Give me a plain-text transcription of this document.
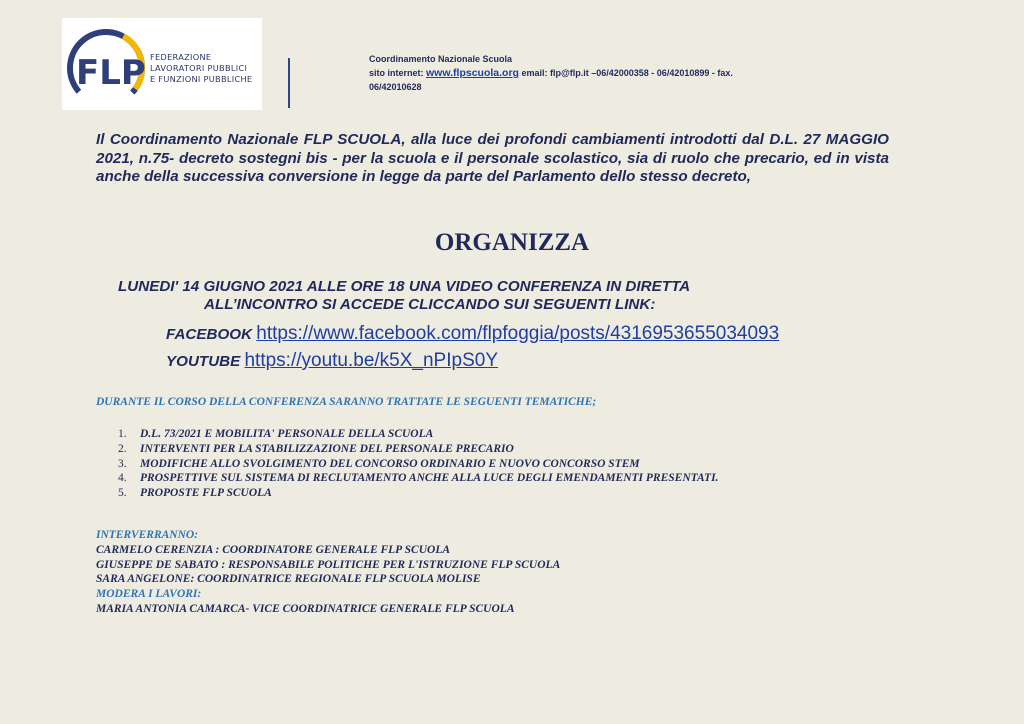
FLP FEDERAZIONE
LAVORATORI PUBBLICI
E FUNZIONI PUBBLICHE
Coordinamento Nazionale Scuola
sito internet: www.flpscuola.org email: flp@flp.it –06/42000358 - 06/42010899 - fax.
06/42010628
Il Coordinamento Nazionale FLP SCUOLA, alla luce dei profondi cambiamenti introdotti dal D.L. 27 MAGGIO 2021, n.75- decreto sostegni bis - per la scuola e il personale scolastico, sia di ruolo che precario, ed in vista anche della successiva conversione in legge da parte del Parlamento dello stesso decreto,
ORGANIZZA
LUNEDI' 14 GIUGNO 2021 ALLE ORE 18 UNA VIDEO CONFERENZA IN DIRETTA
ALL’INCONTRO SI ACCEDE CLICCANDO SUI SEGUENTI LINK:
FACEBOOK https://www.facebook.com/flpfoggia/posts/4316953655034093
YOUTUBE https://youtu.be/k5X_nPIpS0Y
DURANTE IL CORSO DELLA CONFERENZA SARANNO TRATTATE LE SEGUENTI TEMATICHE;
1. D.L. 73/2021 E MOBILITA' PERSONALE DELLA SCUOLA
2. INTERVENTI PER LA STABILIZZAZIONE DEL PERSONALE PRECARIO
3. MODIFICHE ALLO SVOLGIMENTO DEL CONCORSO ORDINARIO E NUOVO CONCORSO STEM
4. PROSPETTIVE SUL SISTEMA DI RECLUTAMENTO ANCHE ALLA LUCE DEGLI EMENDAMENTI PRESENTATI.
5. PROPOSTE FLP SCUOLA
INTERVERRANNO:
CARMELO CERENZIA : COORDINATORE GENERALE FLP SCUOLA
GIUSEPPE DE SABATO : RESPONSABILE POLITICHE PER L'ISTRUZIONE FLP SCUOLA
SARA ANGELONE: COORDINATRICE REGIONALE FLP SCUOLA MOLISE
MODERA I LAVORI:
MARIA ANTONIA CAMARCA- VICE COORDINATRICE GENERALE FLP SCUOLA
